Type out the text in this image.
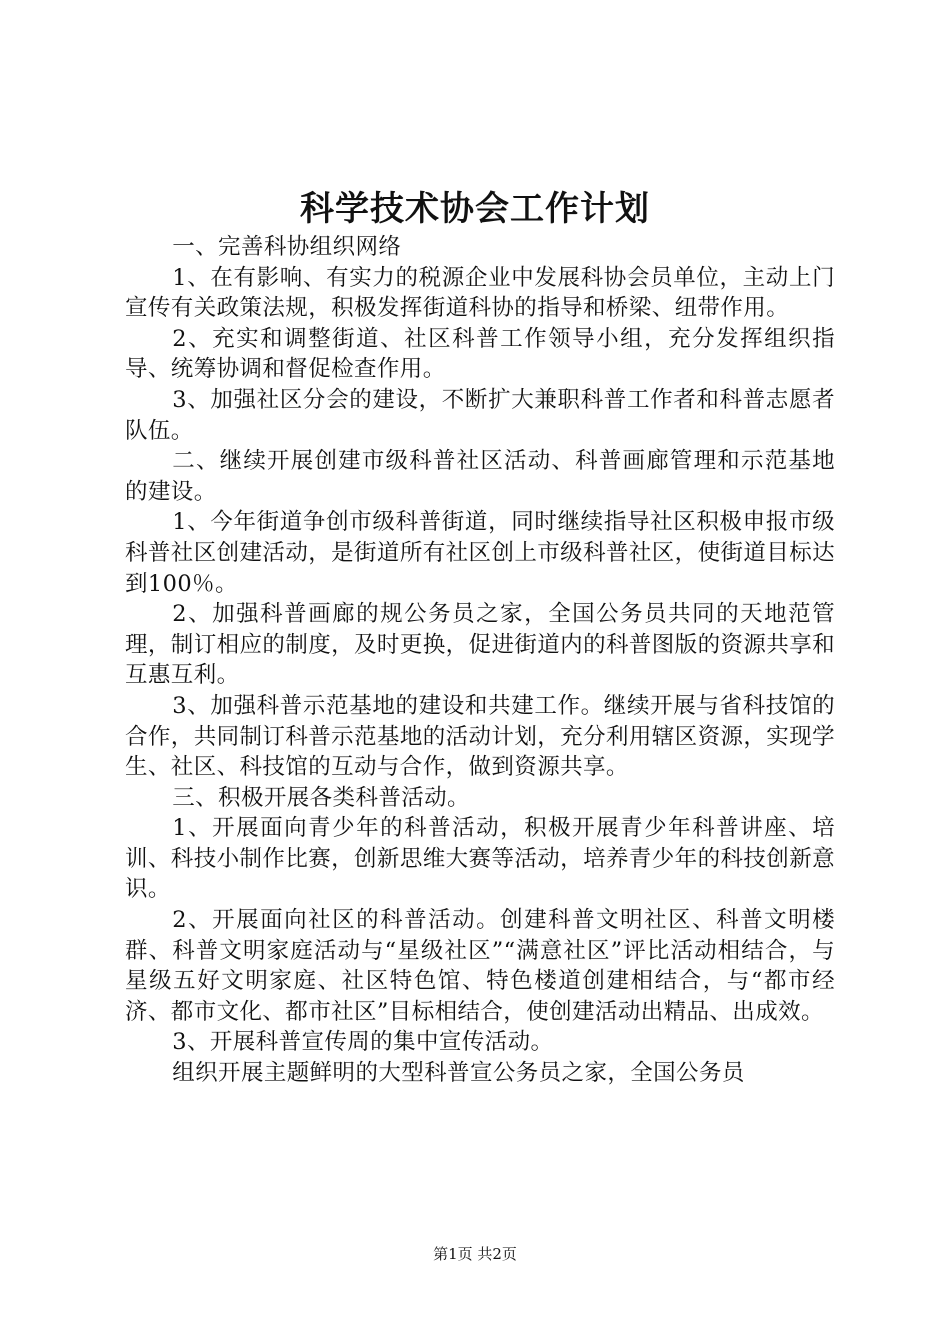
科学技术协会工作计划

一、完善科协组织网络

1、在有影响、有实力的税源企业中发展科协会员单位，主动上门宣传有关政策法规，积极发挥街道科协的指导和桥梁、纽带作用。

2、充实和调整街道、社区科普工作领导小组，充分发挥组织指导、统筹协调和督促检查作用。

3、加强社区分会的建设，不断扩大兼职科普工作者和科普志愿者队伍。

二、继续开展创建市级科普社区活动、科普画廊管理和示范基地的建设。

1、今年街道争创市级科普街道，同时继续指导社区积极申报市级科普社区创建活动，是街道所有社区创上市级科普社区，使街道目标达到100％。

2、加强科普画廊的规公务员之家，全国公务员共同的天地范管理，制订相应的制度，及时更换，促进街道内的科普图版的资源共享和互惠互利。

3、加强科普示范基地的建设和共建工作。继续开展与省科技馆的合作，共同制订科普示范基地的活动计划，充分利用辖区资源，实现学生、社区、科技馆的互动与合作，做到资源共享。

三、积极开展各类科普活动。

1、开展面向青少年的科普活动，积极开展青少年科普讲座、培训、科技小制作比赛，创新思维大赛等活动，培养青少年的科技创新意识。

2、开展面向社区的科普活动。创建科普文明社区、科普文明楼群、科普文明家庭活动与“星级社区”“满意社区”评比活动相结合，与星级五好文明家庭、社区特色馆、特色楼道创建相结合，与“都市经济、都市文化、都市社区”目标相结合，使创建活动出精品、出成效。

3、开展科普宣传周的集中宣传活动。

组织开展主题鲜明的大型科普宣公务员之家，全国公务员

第1页 共2页
